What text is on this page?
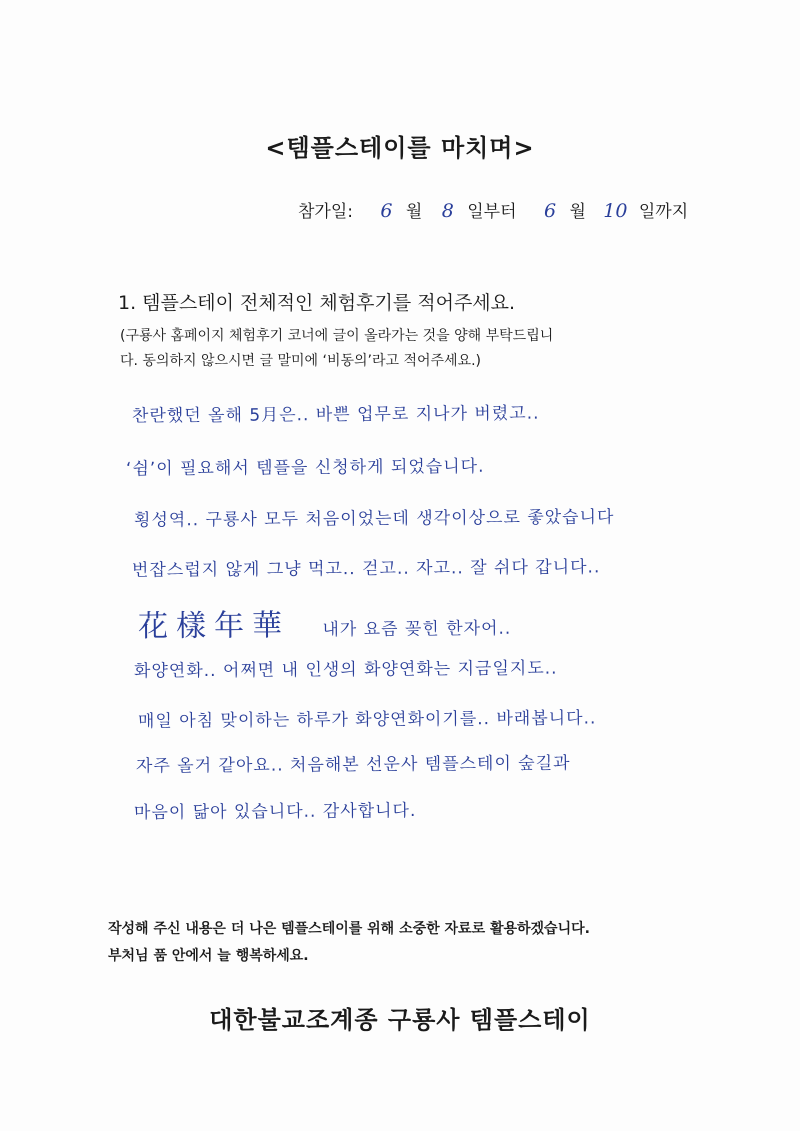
<템플스테이를 마치며>
참가일: 6 월 8 일부터 6 월 10 일까지
1. 템플스테이 전체적인 체험후기를 적어주세요.
(구룡사 홈페이지 체험후기 코너에 글이 올라가는 것을 양해 부탁드립니
다. 동의하지 않으시면 글 말미에 ‘비동의’라고 적어주세요.)
찬란했던 올해 5月은.. 바쁜 업무로 지나가 버렸고..
‘쉼’이 필요해서 템플을 신청하게 되었습니다.
횡성역.. 구룡사 모두 처음이었는데 생각이상으로 좋았습니다
번잡스럽지 않게 그냥 먹고.. 걷고.. 자고.. 잘 쉬다 갑니다..
花樣年華 내가 요즘 꽂힌 한자어..
화양연화.. 어쩌면 내 인생의 화양연화는 지금일지도..
매일 아침 맞이하는 하루가 화양연화이기를.. 바래봅니다..
자주 올거 같아요.. 처음해본 선운사 템플스테이 숲길과
마음이 닮아 있습니다.. 감사합니다.
작성해 주신 내용은 더 나은 템플스테이를 위해 소중한 자료로 활용하겠습니다.
부처님 품 안에서 늘 행복하세요.
대한불교조계종 구룡사 템플스테이
